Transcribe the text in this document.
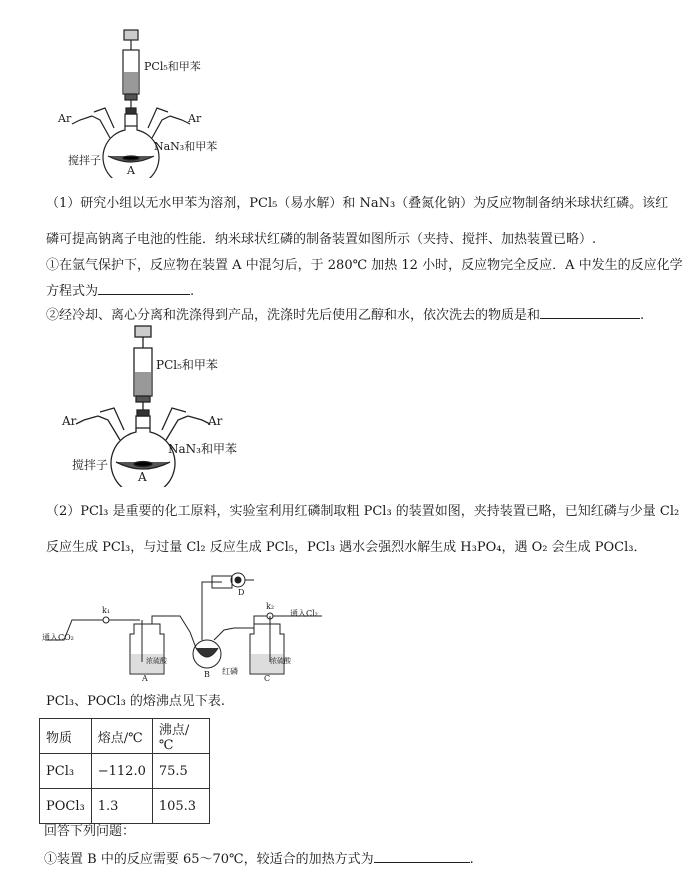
PCl₅和甲苯
Ar	Ar
NaN₃和甲苯
搅拌子
A
（1）研究小组以无水甲苯为溶剂，PCl₅（易水解）和 NaN₃（叠氮化钠）为反应物制备纳米球状红磷。该红
磷可提高钠离子电池的性能．纳米球状红磷的制备装置如图所示（夹持、搅拌、加热装置已略）.
①在氩气保护下，反应物在装置 A 中混匀后，于 280℃ 加热 12 小时，反应物完全反应．A 中发生的反应化学
方程式为	.
②经冷却、离心分离和洗涤得到产品，洗涤时先后使用乙醇和水，依次洗去的物质是和	.
PCl₅和甲苯
Ar	Ar
NaN₃和甲苯
搅拌子
A
（2）PCl₃ 是重要的化工原料，实验室利用红磷制取粗 PCl₃ 的装置如图，夹持装置已略，已知红磷与少量 Cl₂
反应生成 PCl₃，与过量 Cl₂ 反应生成 PCl₅，PCl₃ 遇水会强烈水解生成 H₃PO₄，遇 O₂ 会生成 POCl₃．
通入CO₂
通入Cl₂
k₁	k₂
浓硫酸	浓硫酸
红磷
A	B	C
D
PCl₃、POCl₃ 的熔沸点见下表.
物质	熔点/℃	沸点/℃
PCl₃	−112.0	75.5
POCl₃	1.3	105.3
回答下列问题：
①装置 B 中的反应需要 65～70℃，较适合的加热方式为	.
